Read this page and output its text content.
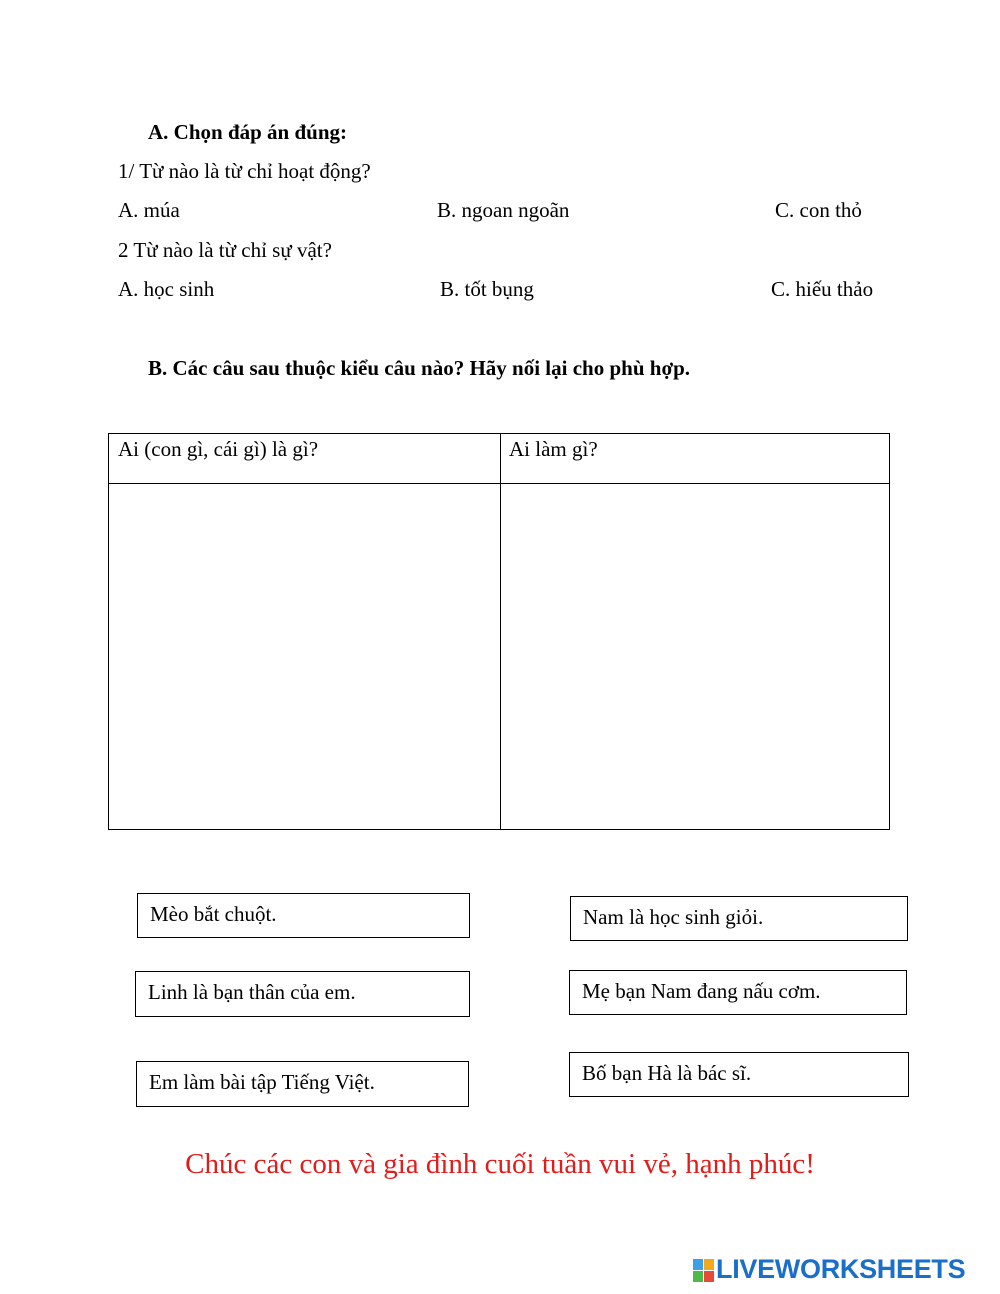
A. Chọn đáp án đúng:
1/ Từ nào là từ chỉ hoạt động?
A. múa	B. ngoan ngoãn	C. con thỏ
2 Từ nào là từ chỉ sự vật?
A. học sinh	B. tốt bụng	C. hiếu thảo
B. Các câu sau thuộc kiểu câu nào? Hãy nối lại cho phù hợp.
Ai (con gì, cái gì) là gì?	Ai làm gì?
Mèo bắt chuột.	Nam là học sinh giỏi.
Linh là bạn thân của em.	Mẹ bạn Nam đang nấu cơm.
Em làm bài tập Tiếng Việt.	Bố bạn Hà là bác sĩ.
Chúc các con và gia đình cuối tuần vui vẻ, hạnh phúc!
LIVEWORKSHEETS
